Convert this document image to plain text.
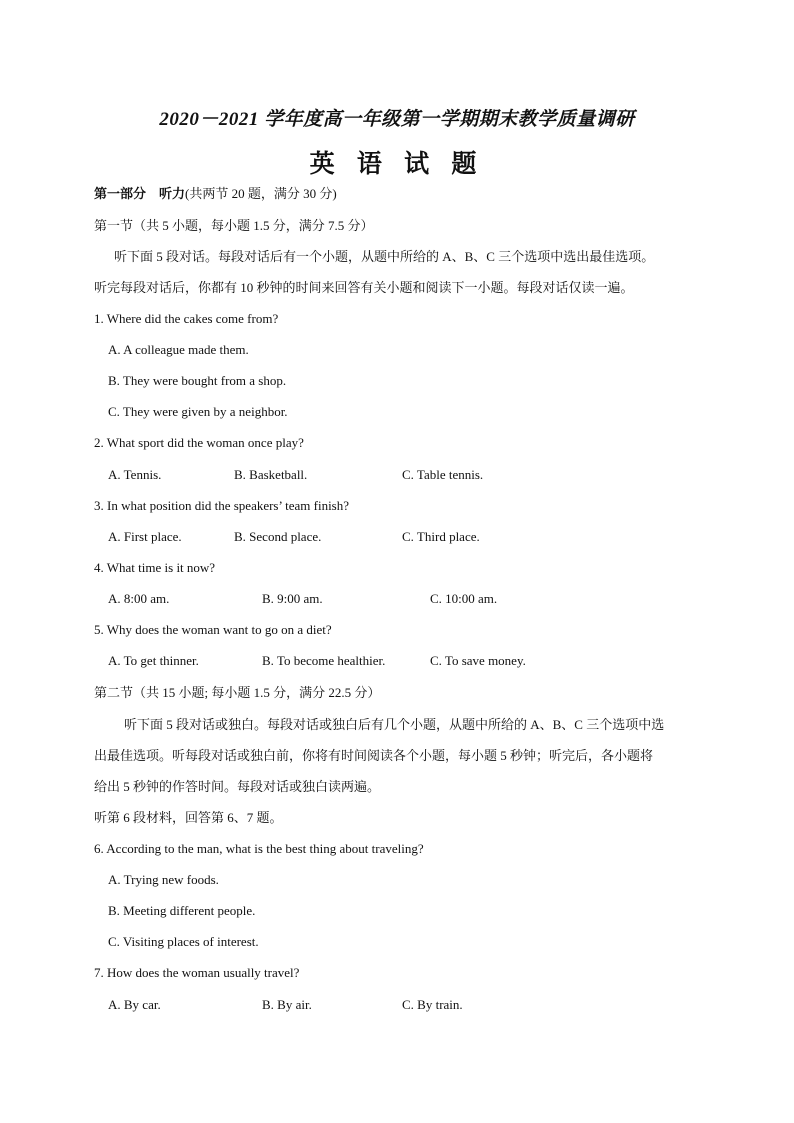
2020－2021 学年度高一年级第一学期期末教学质量调研
英 语 试 题
第一部分　听力(共两节 20 题，满分 30 分)
第一节（共 5 小题，每小题 1.5 分，满分 7.5 分）
听下面 5 段对话。每段对话后有一个小题，从题中所给的 A、B、C 三个选项中选出最佳选项。
听完每段对话后，你都有 10 秒钟的时间来回答有关小题和阅读下一小题。每段对话仅读一遍。
1. Where did the cakes come from?
A. A colleague made them.
B. They were bought from a shop.
C. They were given by a neighbor.
2. What sport did the woman once play?
A. Tennis.	B. Basketball.	C. Table tennis.
3. In what position did the speakers’ team finish?
A. First place.	B. Second place.	C. Third place.
4. What time is it now?
A. 8:00 am.	B. 9:00 am.	C. 10:00 am.
5. Why does the woman want to go on a diet?
A. To get thinner.	B. To become healthier.	C. To save money.
第二节（共 15 小题; 每小题 1.5 分，满分 22.5 分）
听下面 5 段对话或独白。每段对话或独白后有几个小题，从题中所给的 A、B、C 三个选项中选
出最佳选项。听每段对话或独白前，你将有时间阅读各个小题，每小题 5 秒钟；听完后，各小题将
给出 5 秒钟的作答时间。每段对话或独白读两遍。
听第 6 段材料，回答第 6、7 题。
6. According to the man, what is the best thing about traveling?
A. Trying new foods.
B. Meeting different people.
C. Visiting places of interest.
7. How does the woman usually travel?
A. By car.	B. By air.	C. By train.
